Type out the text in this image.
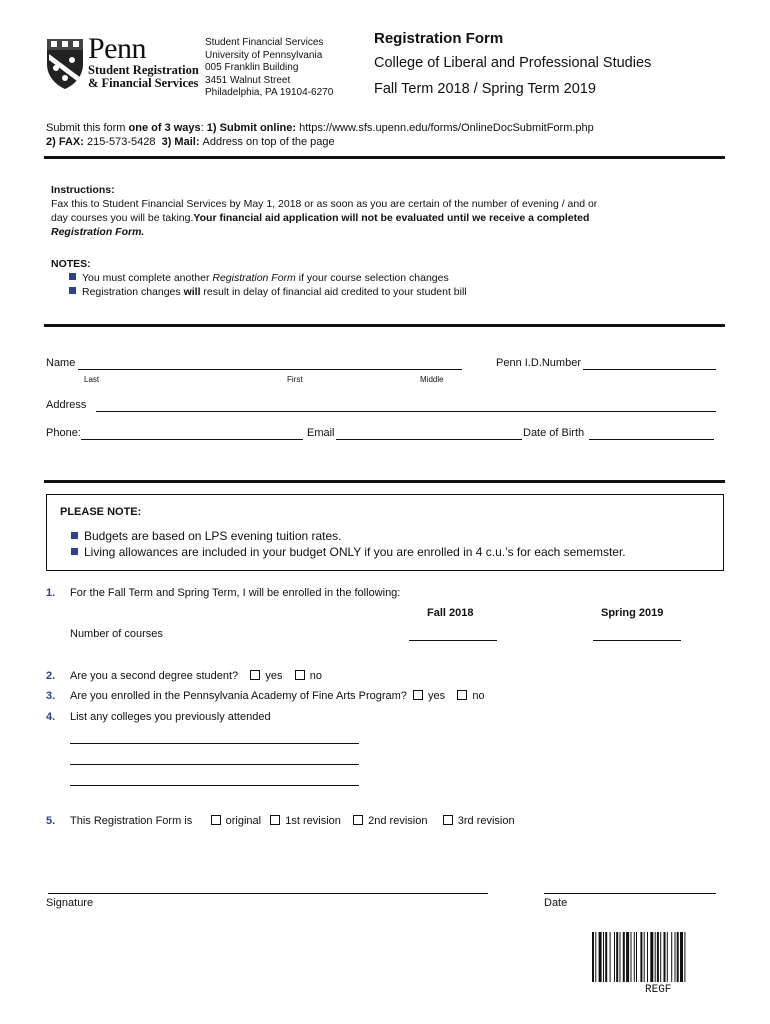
Penn
Student Registration
& Financial Services
Student Financial Services
University of Pennsylvania
005 Franklin Building
3451 Walnut Street
Philadelphia, PA 19104-6270
Registration Form
College of Liberal and Professional Studies
Fall Term 2018 / Spring Term 2019
Submit this form one of 3 ways: 1) Submit online: https://www.sfs.upenn.edu/forms/OnlineDocSubmitForm.php
2) FAX: 215-573-5428 3) Mail: Address on top of the page
Instructions:
Fax this to Student Financial Services by May 1, 2018 or as soon as you are certain of the number of evening / and or
day courses you will be taking.Your financial aid application will not be evaluated until we receive a completed
Registration Form.
NOTES:
You must complete another Registration Form if your course selection changes
Registration changes will result in delay of financial aid credited to your student bill
Name	Penn I.D.Number
Last	First	Middle
Address
Phone:	Email	Date of Birth
PLEASE NOTE:
Budgets are based on LPS evening tuition rates.
Living allowances are included in your budget ONLY if you are enrolled in 4 c.u.’s for each sememster.
1. For the Fall Term and Spring Term, I will be enrolled in the following:
Fall 2018	Spring 2019
Number of courses
2. Are you a second degree student? yes no
3. Are you enrolled in the Pennsylvania Academy of Fine Arts Program? yes no
4. List any colleges you previously attended
5. This Registration Form is	original 1st revision 2nd revision	3rd revision
Signature	Date
REGF
